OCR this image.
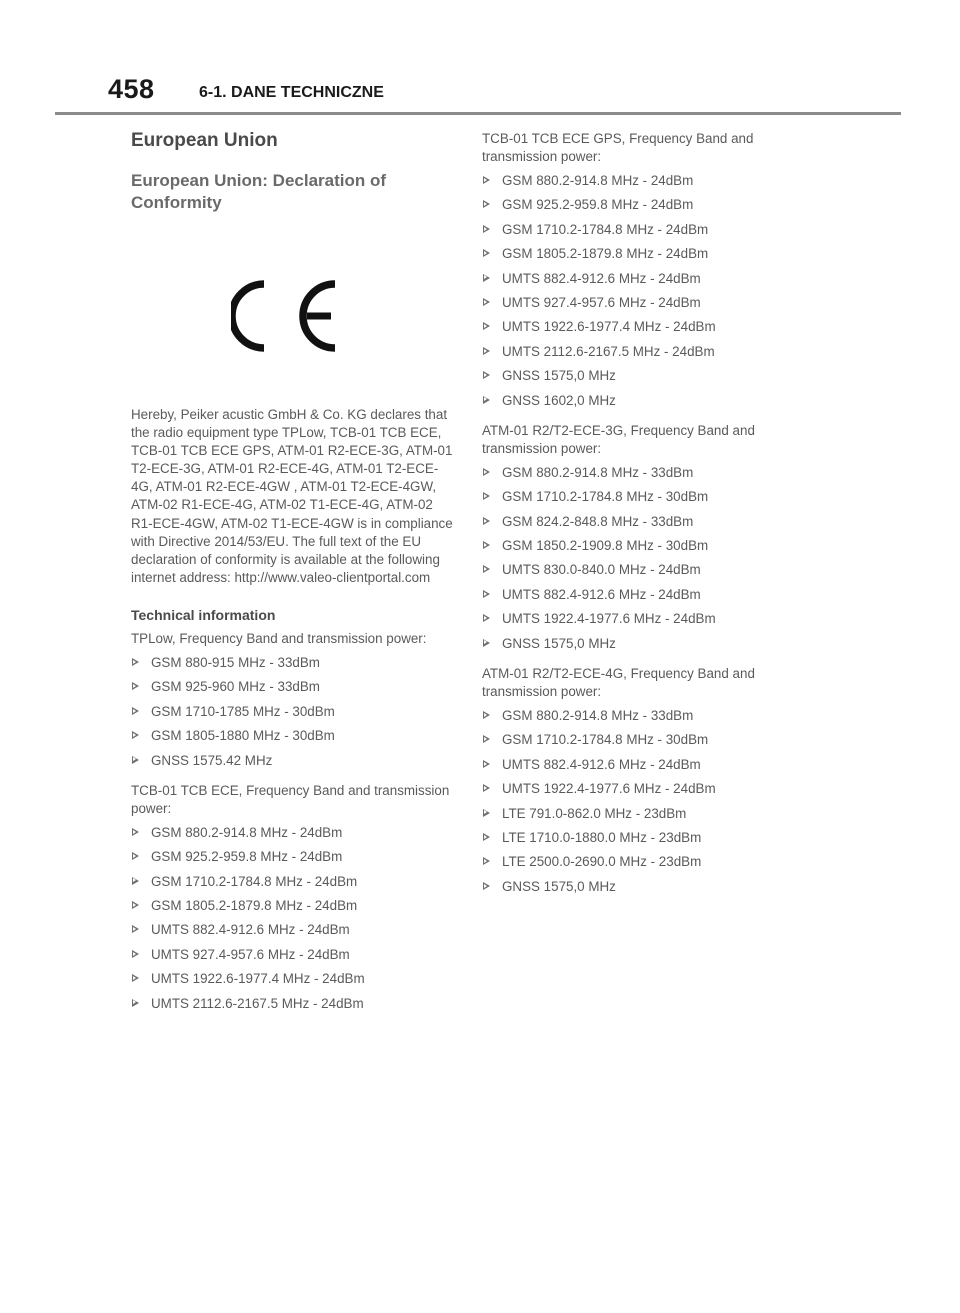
458	6-1. DANE TECHNICZNE
European Union
European Union: Declaration of Conformity

Hereby, Peiker acustic GmbH & Co. KG declares that the radio equipment type TPLow, TCB-01 TCB ECE, TCB-01 TCB ECE GPS, ATM-01 R2-ECE-3G, ATM-01 T2-ECE-3G, ATM-01 R2-ECE-4G, ATM-01 T2-ECE-4G, ATM-01 R2-ECE-4GW , ATM-01 T2-ECE-4GW, ATM-02 R1-ECE-4G, ATM-02 T1-ECE-4G, ATM-02 R1-ECE-4GW, ATM-02 T1-ECE-4GW is in compliance with Directive 2014/53/EU. The full text of the EU declaration of conformity is available at the following internet address: http://www.valeo-clientportal.com

Technical information
TPLow, Frequency Band and transmission power:
GSM 880-915 MHz - 33dBm
GSM 925-960 MHz - 33dBm
GSM 1710-1785 MHz - 30dBm
GSM 1805-1880 MHz - 30dBm
GNSS 1575.42 MHz
TCB-01 TCB ECE, Frequency Band and transmission power:
GSM 880.2-914.8 MHz - 24dBm
GSM 925.2-959.8 MHz - 24dBm
GSM 1710.2-1784.8 MHz - 24dBm
GSM 1805.2-1879.8 MHz - 24dBm
UMTS 882.4-912.6 MHz - 24dBm
UMTS 927.4-957.6 MHz - 24dBm
UMTS 1922.6-1977.4 MHz - 24dBm
UMTS 2112.6-2167.5 MHz - 24dBm
TCB-01 TCB ECE GPS, Frequency Band and transmission power:
GSM 880.2-914.8 MHz - 24dBm
GSM 925.2-959.8 MHz - 24dBm
GSM 1710.2-1784.8 MHz - 24dBm
GSM 1805.2-1879.8 MHz - 24dBm
UMTS 882.4-912.6 MHz - 24dBm
UMTS 927.4-957.6 MHz - 24dBm
UMTS 1922.6-1977.4 MHz - 24dBm
UMTS 2112.6-2167.5 MHz - 24dBm
GNSS 1575,0 MHz
GNSS 1602,0 MHz
ATM-01 R2/T2-ECE-3G, Frequency Band and transmission power:
GSM 880.2-914.8 MHz - 33dBm
GSM 1710.2-1784.8 MHz - 30dBm
GSM 824.2-848.8 MHz - 33dBm
GSM 1850.2-1909.8 MHz - 30dBm
UMTS 830.0-840.0 MHz - 24dBm
UMTS 882.4-912.6 MHz - 24dBm
UMTS 1922.4-1977.6 MHz - 24dBm
GNSS 1575,0 MHz
ATM-01 R2/T2-ECE-4G, Frequency Band and transmission power:
GSM 880.2-914.8 MHz - 33dBm
GSM 1710.2-1784.8 MHz - 30dBm
UMTS 882.4-912.6 MHz - 24dBm
UMTS 1922.4-1977.6 MHz - 24dBm
LTE 791.0-862.0 MHz - 23dBm
LTE 1710.0-1880.0 MHz - 23dBm
LTE 2500.0-2690.0 MHz - 23dBm
GNSS 1575,0 MHz
